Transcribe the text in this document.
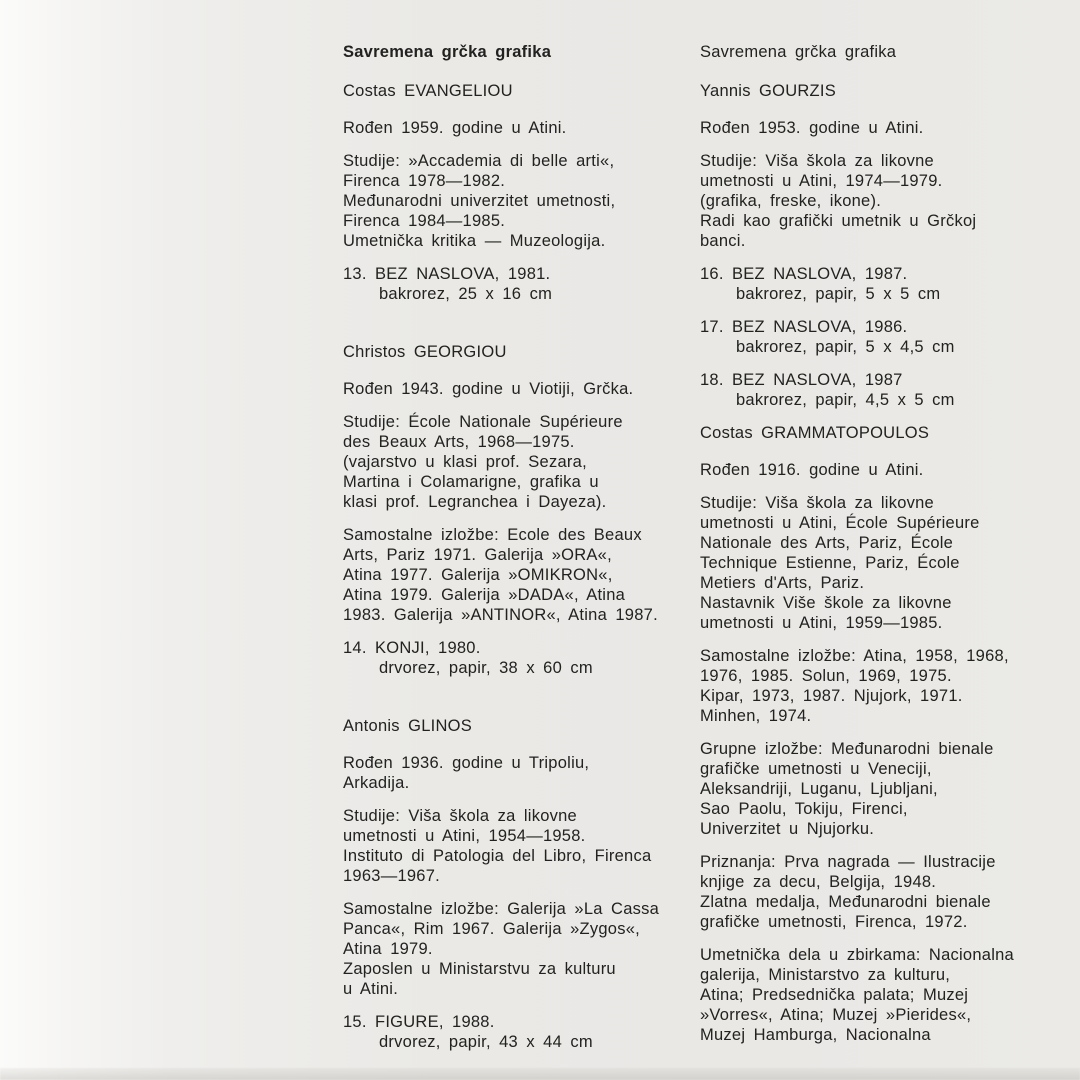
Savremena grčka grafika
Costas EVANGELIOU
Rođen 1959. godine u Atini.
Studije: »Accademia di belle arti«,
Firenca 1978—1982.
Međunarodni univerzitet umetnosti,
Firenca 1984—1985.
Umetnička kritika — Muzeologija.
13. BEZ NASLOVA, 1981.
bakrorez, 25 x 16 cm
Christos GEORGIOU
Rođen 1943. godine u Viotiji, Grčka.
Studije: École Nationale Supérieure
des Beaux Arts, 1968—1975.
(vajarstvo u klasi prof. Sezara,
Martina i Colamarigne, grafika u
klasi prof. Legranchea i Dayeza).
Samostalne izložbe: Ecole des Beaux
Arts, Pariz 1971. Galerija »ORA«,
Atina 1977. Galerija »OMIKRON«,
Atina 1979. Galerija »DADA«, Atina
1983. Galerija »ANTINOR«, Atina 1987.
14. KONJI, 1980.
drvorez, papir, 38 x 60 cm
Antonis GLINOS
Rođen 1936. godine u Tripoliu,
Arkadija.
Studije: Viša škola za likovne
umetnosti u Atini, 1954—1958.
Instituto di Patologia del Libro, Firenca
1963—1967.
Samostalne izložbe: Galerija »La Cassa
Panca«, Rim 1967. Galerija »Zygos«,
Atina 1979.
Zaposlen u Ministarstvu za kulturu
u Atini.
15. FIGURE, 1988.
drvorez, papir, 43 x 44 cm
Savremena grčka grafika
Yannis GOURZIS
Rođen 1953. godine u Atini.
Studije: Viša škola za likovne
umetnosti u Atini, 1974—1979.
(grafika, freske, ikone).
Radi kao grafički umetnik u Grčkoj
banci.
16. BEZ NASLOVA, 1987.
bakrorez, papir, 5 x 5 cm
17. BEZ NASLOVA, 1986.
bakrorez, papir, 5 x 4,5 cm
18. BEZ NASLOVA, 1987
bakrorez, papir, 4,5 x 5 cm
Costas GRAMMATOPOULOS
Rođen 1916. godine u Atini.
Studije: Viša škola za likovne
umetnosti u Atini, École Supérieure
Nationale des Arts, Pariz, École
Technique Estienne, Pariz, École
Metiers d'Arts, Pariz.
Nastavnik Više škole za likovne
umetnosti u Atini, 1959—1985.
Samostalne izložbe: Atina, 1958, 1968,
1976, 1985. Solun, 1969, 1975.
Kipar, 1973, 1987. Njujork, 1971.
Minhen, 1974.
Grupne izložbe: Međunarodni bienale
grafičke umetnosti u Veneciji,
Aleksandriji, Luganu, Ljubljani,
Sao Paolu, Tokiju, Firenci,
Univerzitet u Njujorku.
Priznanja: Prva nagrada — Ilustracije
knjige za decu, Belgija, 1948.
Zlatna medalja, Međunarodni bienale
grafičke umetnosti, Firenca, 1972.
Umetnička dela u zbirkama: Nacionalna
galerija, Ministarstvo za kulturu,
Atina; Predsednička palata; Muzej
»Vorres«, Atina; Muzej »Pierides«,
Muzej Hamburga, Nacionalna
